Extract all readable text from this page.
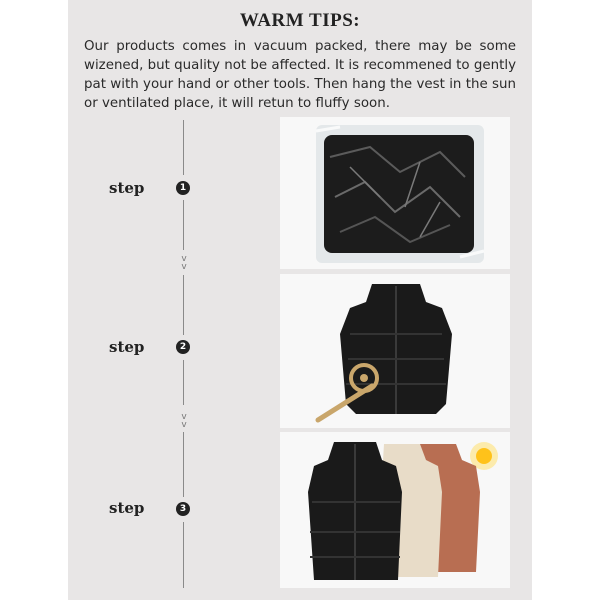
WARM TIPS:
Our products comes in vacuum packed, there may be some wizened, but quality not be affected. It is recommened to gently pat with your hand or other tools. Then hang the vest in the sun or ventilated place, it will retun to fluffy soon.
v
v
v
v
step	1
step	2
step	3
